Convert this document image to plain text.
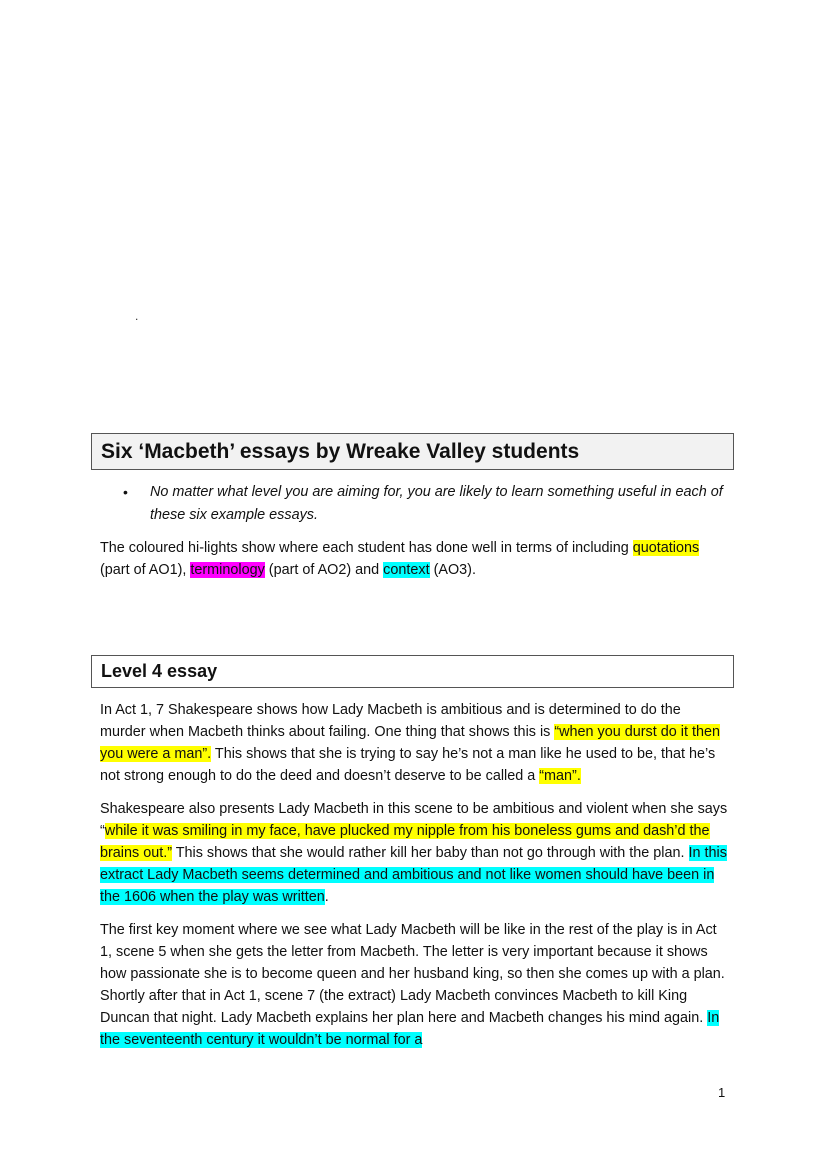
.
Six ‘Macbeth’ essays by Wreake Valley students
• No matter what level you are aiming for, you are likely to learn something useful in each of these six example essays.

The coloured hi-lights show where each student has done well in terms of including quotations (part of AO1), terminology (part of AO2) and context (AO3).

Level 4 essay

In Act 1, 7 Shakespeare shows how Lady Macbeth is ambitious and is determined to do the murder when Macbeth thinks about failing. One thing that shows this is “when you durst do it then you were a man”. This shows that she is trying to say he’s not a man like he used to be, that he’s not strong enough to do the deed and doesn’t deserve to be called a “man”.

Shakespeare also presents Lady Macbeth in this scene to be ambitious and violent when she says “while it was smiling in my face, have plucked my nipple from his boneless gums and dash’d the brains out.” This shows that she would rather kill her baby than not go through with the plan. In this extract Lady Macbeth seems determined and ambitious and not like women should have been in the 1606 when the play was written.

The first key moment where we see what Lady Macbeth will be like in the rest of the play is in Act 1, scene 5 when she gets the letter from Macbeth. The letter is very important because it shows how passionate she is to become queen and her husband king, so then she comes up with a plan. Shortly after that in Act 1, scene 7 (the extract) Lady Macbeth convinces Macbeth to kill King Duncan that night. Lady Macbeth explains her plan here and Macbeth changes his mind again. In the seventeenth century it wouldn’t be normal for a

1
